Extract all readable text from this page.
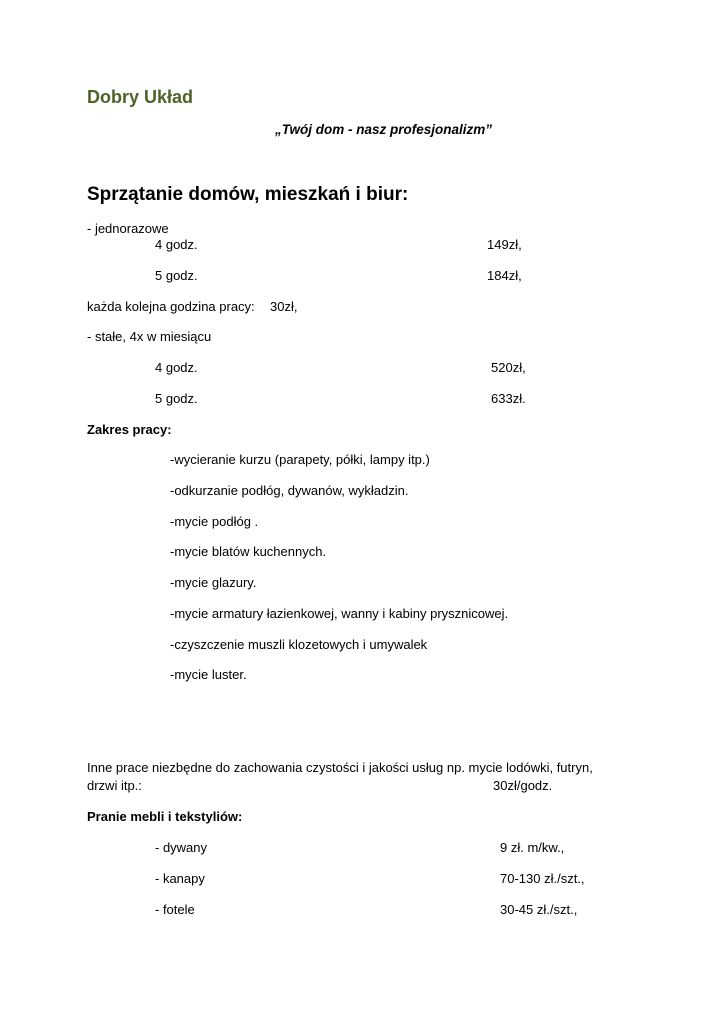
Dobry Układ
„Twój dom - nasz profesjonalizm”
Sprzątanie domów, mieszkań i biur:
- jednorazowe
4 godz.	149zł,
5 godz.	184zł,
każda kolejna godzina pracy: 30zł,
- stałe, 4x w miesiącu
4 godz.	520zł,
5 godz.	633zł.
Zakres pracy:
-wycieranie kurzu (parapety, półki, lampy itp.)
-odkurzanie podłóg, dywanów, wykładzin.
-mycie podłóg .
-mycie blatów kuchennych.
-mycie glazury.
-mycie armatury łazienkowej, wanny i kabiny prysznicowej.
-czyszczenie muszli klozetowych i umywalek
-mycie luster.
Inne prace niezbędne do zachowania czystości i jakości usług np. mycie lodówki, futryn,
drzwi itp.:	30zł/godz.
Pranie mebli i tekstyliów:
- dywany	9 zł. m/kw.,
- kanapy	70-130 zł./szt.,
- fotele	30-45 zł./szt.,
